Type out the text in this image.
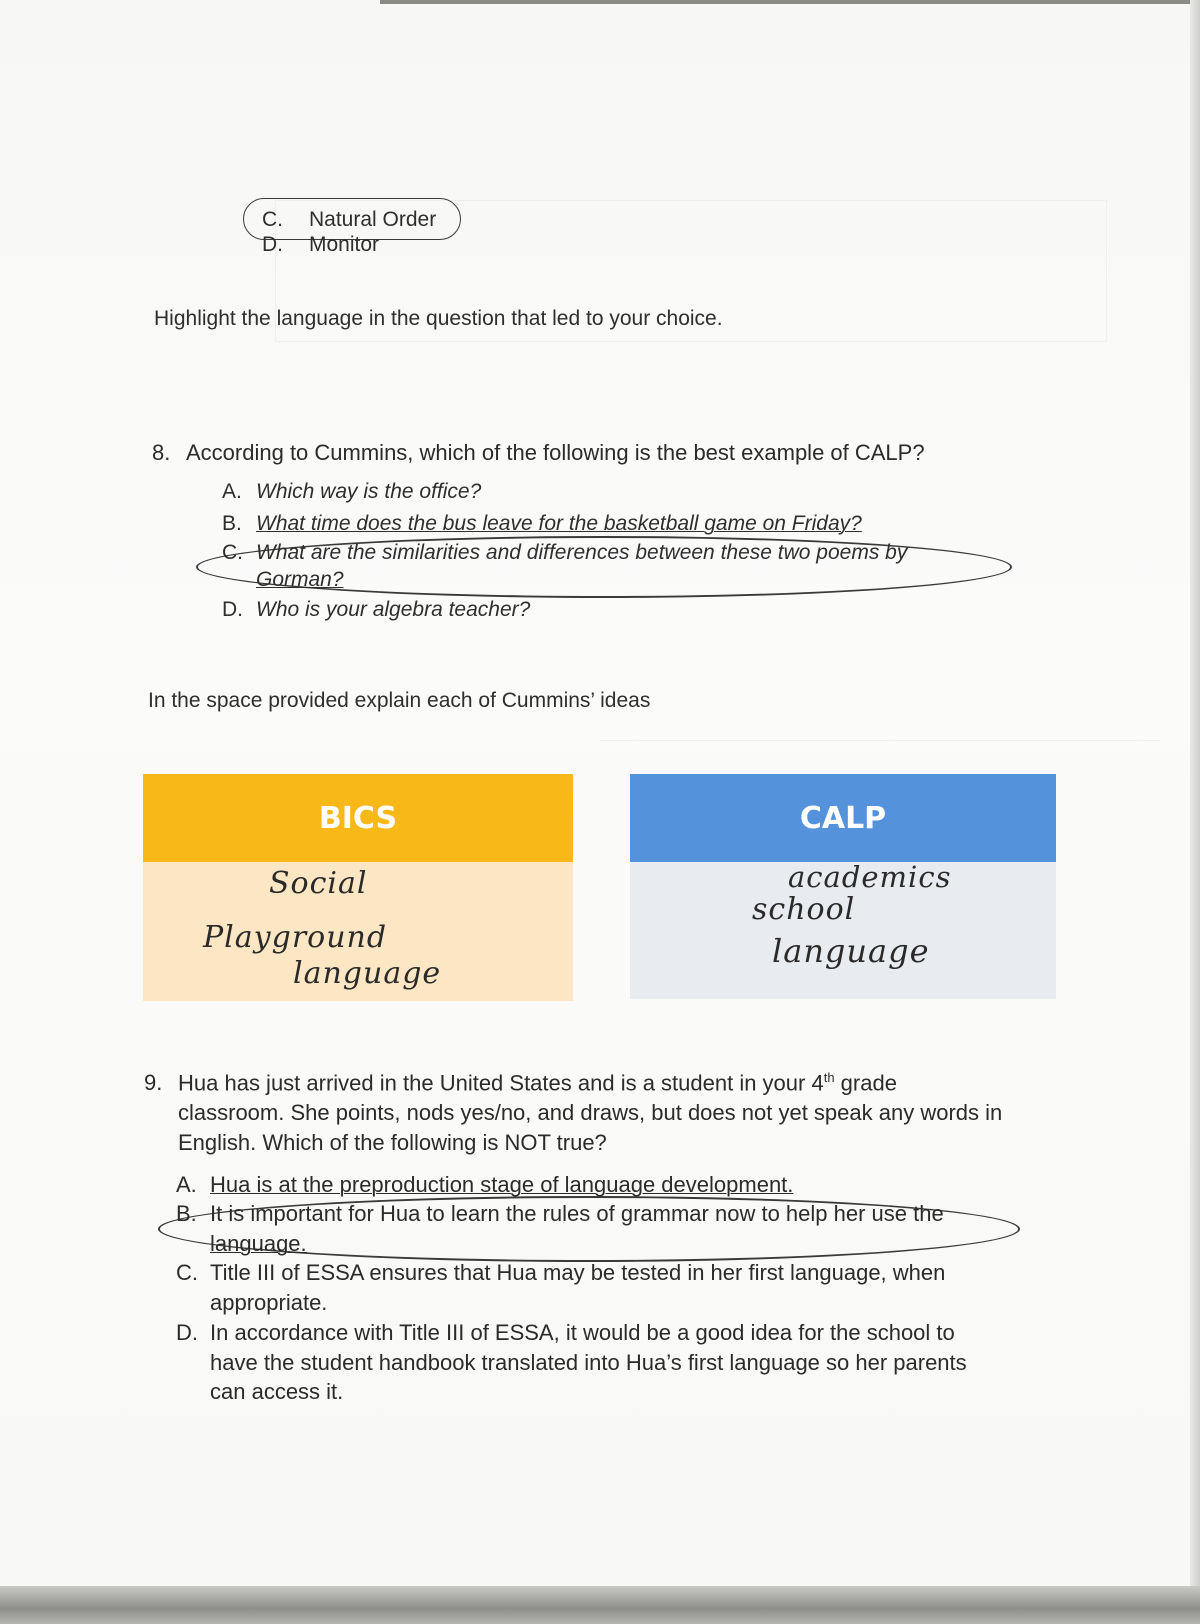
C. Natural Order
D. Monitor
Highlight the language in the question that led to your choice.
8. According to Cummins, which of the following is the best example of CALP?
A. Which way is the office?
B. What time does the bus leave for the basketball game on Friday?
C. What are the similarities and differences between these two poems by
Gorman?
D. Who is your algebra teacher?
In the space provided explain each of Cummins’ ideas
BICS
Social
Playground
language
CALP
academics
school
language
9. Hua has just arrived in the United States and is a student in your 4th grade
classroom. She points, nods yes/no, and draws, but does not yet speak any words in
English. Which of the following is NOT true?
A. Hua is at the preproduction stage of language development.
B. It is important for Hua to learn the rules of grammar now to help her use the
language.
C. Title III of ESSA ensures that Hua may be tested in her first language, when
appropriate.
D. In accordance with Title III of ESSA, it would be a good idea for the school to
have the student handbook translated into Hua’s first language so her parents
can access it.
